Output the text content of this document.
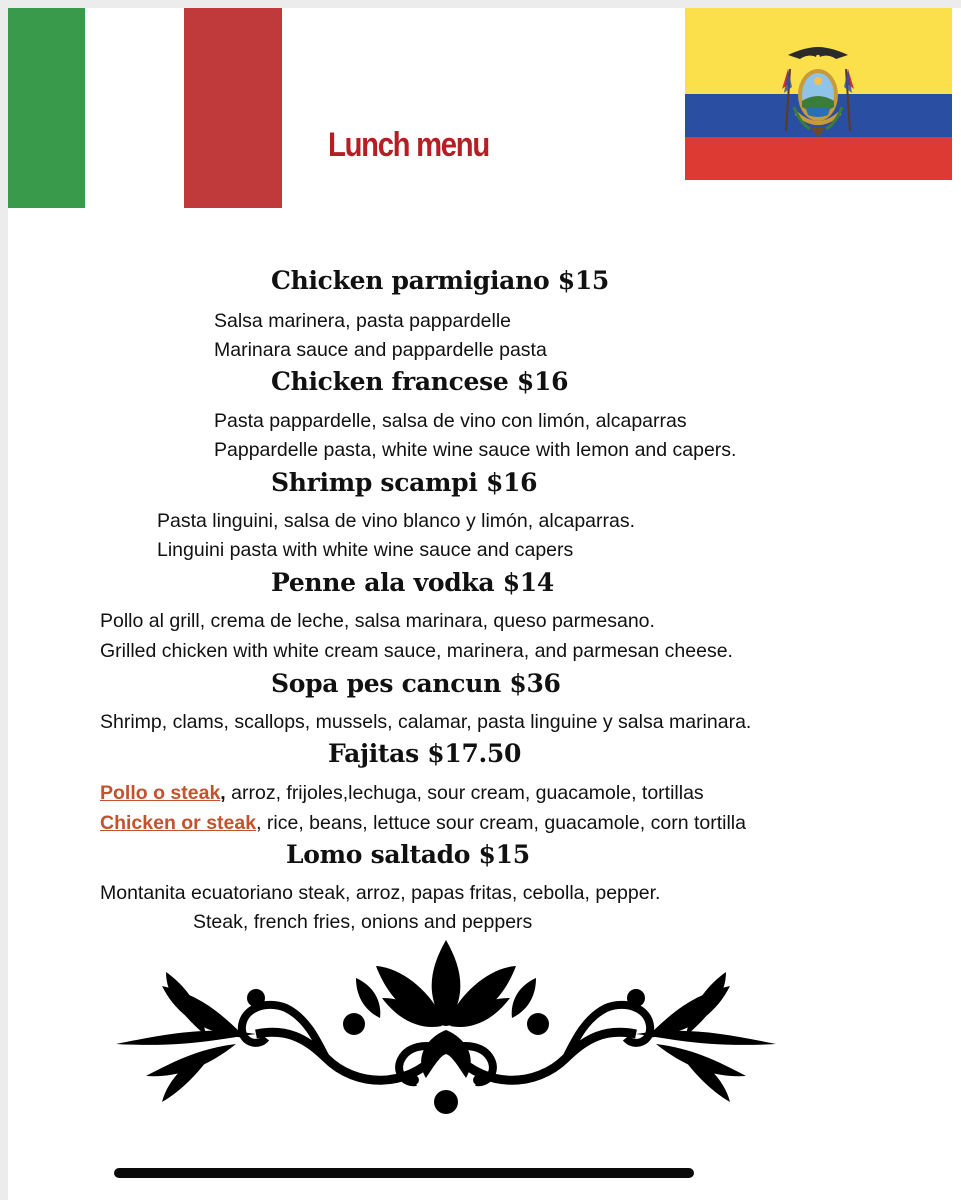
Lunch menu
Chicken parmigiano $15
Salsa marinera, pasta pappardelle
Marinara sauce and pappardelle pasta
Chicken francese $16
Pasta pappardelle, salsa de vino con limón, alcaparras
Pappardelle pasta, white wine sauce with lemon and capers.
Shrimp scampi $16
Pasta linguini, salsa de vino blanco y limón, alcaparras.
Linguini pasta with white wine sauce and capers
Penne ala vodka $14
Pollo al grill, crema de leche, salsa marinara, queso parmesano.
Grilled chicken with white cream sauce, marinera, and parmesan cheese.
Sopa pes cancun $36
Shrimp, clams, scallops, mussels, calamar, pasta linguine y salsa marinara.
Fajitas $17.50
Pollo o steak, arroz, frijoles,lechuga, sour cream, guacamole, tortillas
Chicken or steak, rice, beans, lettuce sour cream, guacamole, corn tortilla
Lomo saltado $15
Montanita ecuatoriano steak, arroz, papas fritas, cebolla, pepper.
Steak, french fries, onions and peppers
